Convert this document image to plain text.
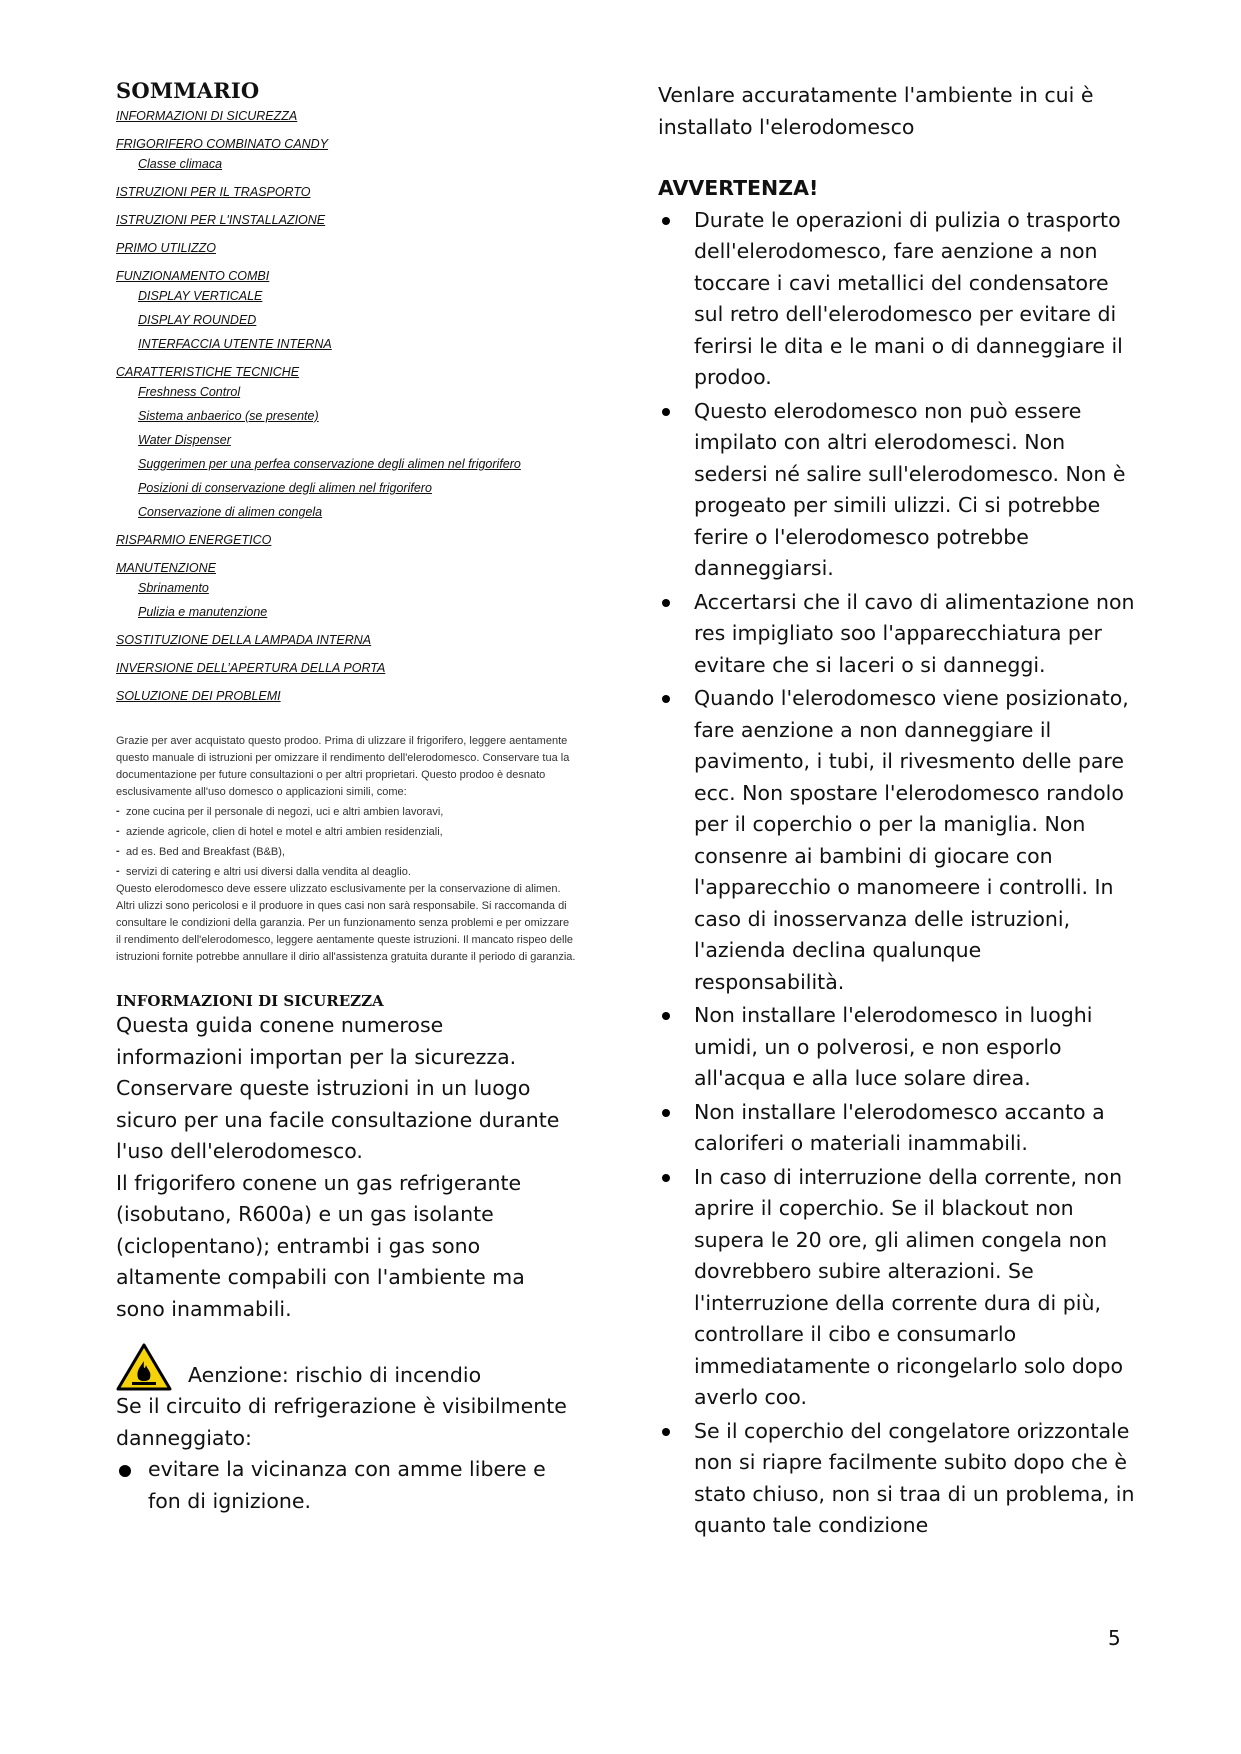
SOMMARIO
INFORMAZIONI DI SICUREZZA
FRIGORIFERO COMBINATO CANDY
Classe climaca
ISTRUZIONI PER IL TRASPORTO
ISTRUZIONI PER L'INSTALLAZIONE
PRIMO UTILIZZO
FUNZIONAMENTO COMBI
DISPLAY VERTICALE
DISPLAY ROUNDED
INTERFACCIA UTENTE INTERNA
CARATTERISTICHE TECNICHE
Freshness Control
Sistema anbaerico (se presente)
Water Dispenser
Suggerimen per una perfea conservazione degli alimen nel frigorifero
Posizioni di conservazione degli alimen nel frigorifero
Conservazione di alimen congela
RISPARMIO ENERGETICO
MANUTENZIONE
Sbrinamento
Pulizia e manutenzione
SOSTITUZIONE DELLA LAMPADA INTERNA
INVERSIONE DELL’APERTURA DELLA PORTA
SOLUZIONE DEI PROBLEMI

Grazie per aver acquistato questo prodoo. Prima di ulizzare il frigorifero, leggere aentamente questo manuale di istruzioni per omizzare il rendimento dell'elerodomesco. Conservare tua la documentazione per future consultazioni o per altri proprietari. Questo prodoo è desnato esclusivamente all'uso domesco o applicazioni simili, come:

- zone cucina per il personale di negozi, uci e altri ambien lavoravi,
- aziende agricole, clien di hotel e motel e altri ambien residenziali,
- ad es. Bed and Breakfast (B&B),
- servizi di catering e altri usi diversi dalla vendita al deaglio.

Questo elerodomesco deve essere ulizzato esclusivamente per la conservazione di alimen. Altri ulizzi sono pericolosi e il produore in ques casi non sarà responsabile. Si raccomanda di consultare le condizioni della garanzia. Per un funzionamento senza problemi e per omizzare il rendimento dell'elerodomesco, leggere aentamente queste istruzioni. Il mancato rispeo delle istruzioni fornite potrebbe annullare il dirio all'assistenza gratuita durante il periodo di garanzia.

INFORMAZIONI DI SICUREZZA

Questa guida conene numerose informazioni importan per la sicurezza. Conservare queste istruzioni in un luogo sicuro per una facile consultazione durante l'uso dell'elerodomesco.

Il frigorifero conene un gas refrigerante (isobutano, R600a) e un gas isolante (ciclopentano); entrambi i gas sono altamente compabili con l'ambiente ma sono inammabili.

Aenzione: rischio di incendio

Se il circuito di refrigerazione è visibilmente danneggiato:

evitare la vicinanza con amme libere e fon di ignizione.

Venlare accuratamente l'ambiente in cui è installato l'elerodomesco

AVVERTENZA!
Durate le operazioni di pulizia o trasporto dell'elerodomesco, fare aenzione a non toccare i cavi metallici del condensatore sul retro dell'elerodomesco per evitare di ferirsi le dita e le mani o di danneggiare il prodoo.
Questo elerodomesco non può essere impilato con altri elerodomesci. Non sedersi né salire sull'elerodomesco. Non è progeato per simili ulizzi. Ci si potrebbe ferire o l'elerodomesco potrebbe danneggiarsi.
Accertarsi che il cavo di alimentazione non res impigliato soo l'apparecchiatura per evitare che si laceri o si danneggi.
Quando l'elerodomesco viene posizionato, fare aenzione a non danneggiare il pavimento, i tubi, il rivesmento delle pare ecc. Non spostare l'elerodomesco randolo per il coperchio o per la maniglia. Non consenre ai bambini di giocare con l'apparecchio o manomeere i controlli. In caso di inosservanza delle istruzioni, l'azienda declina qualunque responsabilità.
Non installare l'elerodomesco in luoghi umidi, un o polverosi, e non esporlo all'acqua e alla luce solare direa.
Non installare l'elerodomesco accanto a caloriferi o materiali inammabili.
In caso di interruzione della corrente, non aprire il coperchio. Se il blackout non supera le 20 ore, gli alimen congela non dovrebbero subire alterazioni. Se l'interruzione della corrente dura di più, controllare il cibo e consumarlo immediatamente o ricongelarlo solo dopo averlo coo.
Se il coperchio del congelatore orizzontale non si riapre facilmente subito dopo che è stato chiuso, non si traa di un problema, in quanto tale condizione
5
